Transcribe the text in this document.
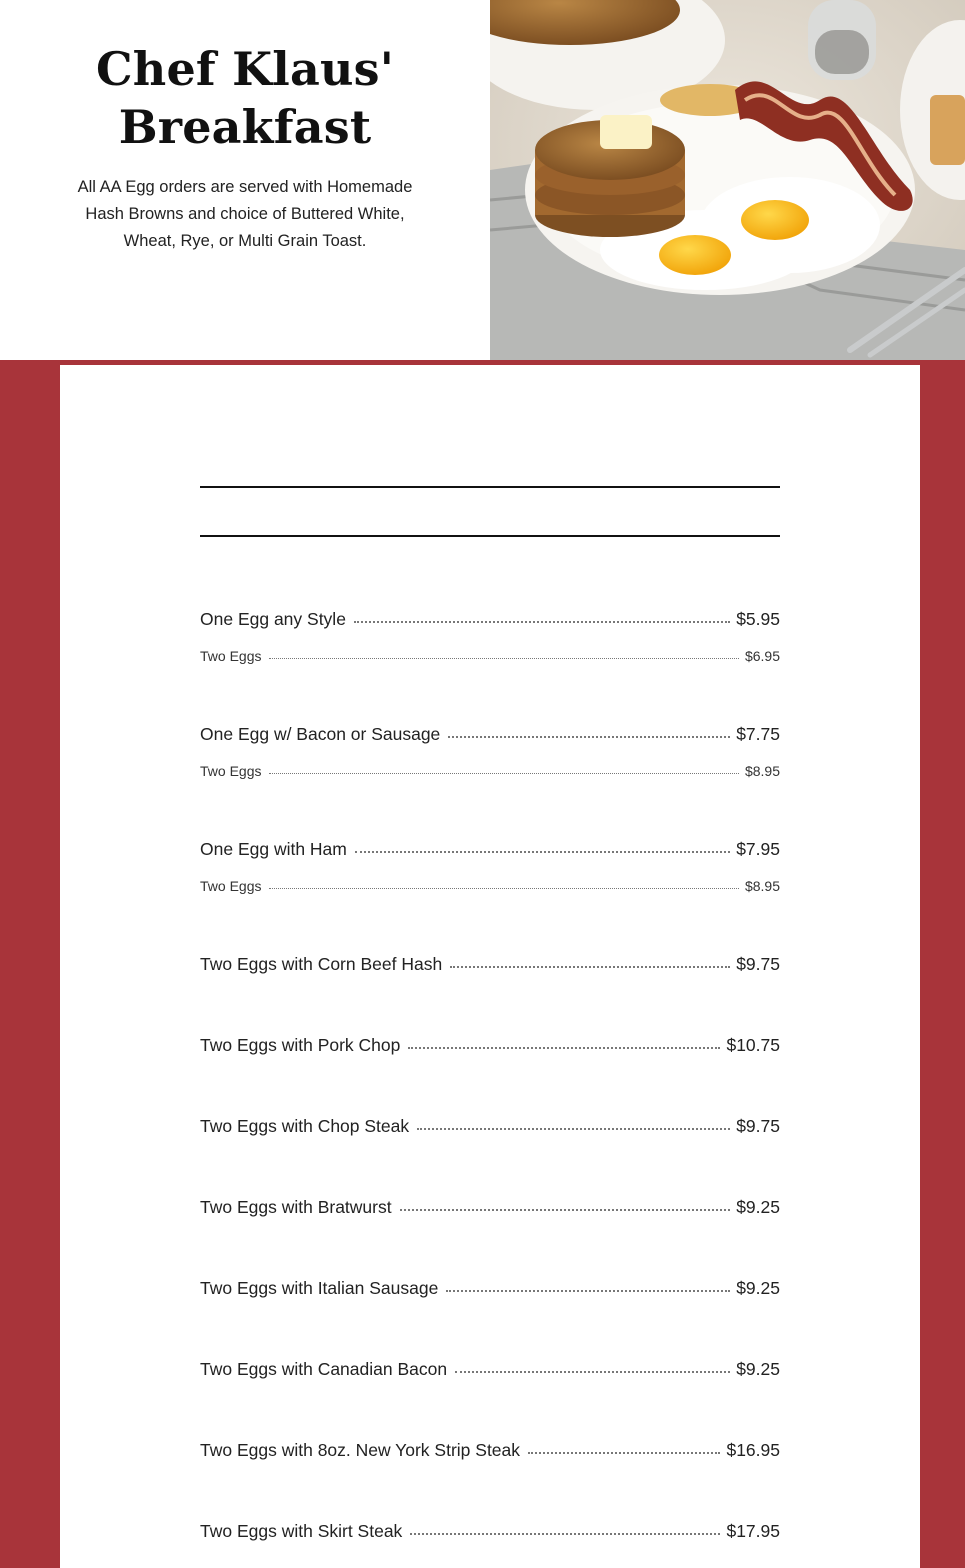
Chef Klaus'
Breakfast

All AA Egg orders are served with Homemade Hash Browns and choice of Buttered White, Wheat, Rye, or Multi Grain Toast.

One Egg any Style	$5.95
Two Eggs	$6.95
One Egg w/ Bacon or Sausage	$7.75
Two Eggs	$8.95
One Egg with Ham	$7.95
Two Eggs	$8.95
Two Eggs with Corn Beef Hash	$9.75
Two Eggs with Pork Chop	$10.75
Two Eggs with Chop Steak	$9.75
Two Eggs with Bratwurst	$9.25
Two Eggs with Italian Sausage	$9.25
Two Eggs with Canadian Bacon	$9.25
Two Eggs with 8oz. New York Strip Steak	$16.95
Two Eggs with Skirt Steak	$17.95
